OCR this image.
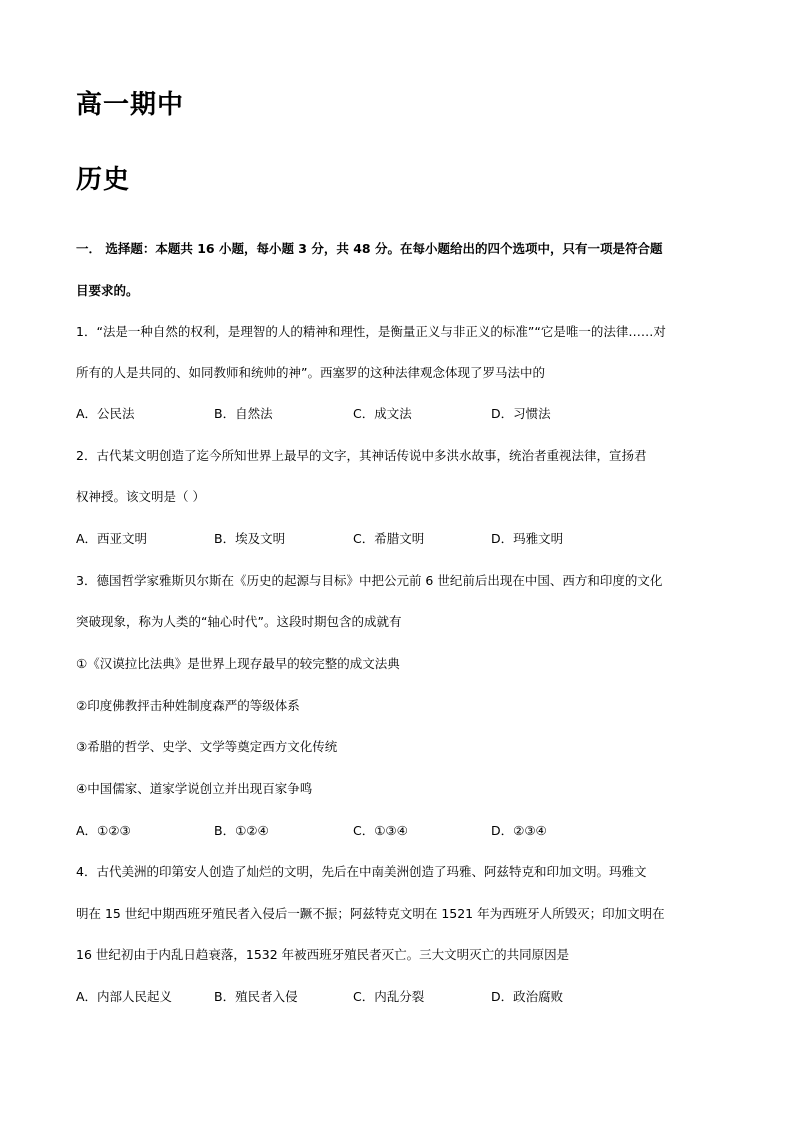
高一期中
历史
一． 选择题：本题共 16 小题，每小题 3 分，共 48 分。在每小题给出的四个选项中，只有一项是符合题
目要求的。
1．“法是一种自然的权利，是理智的人的精神和理性，是衡量正义与非正义的标准”“它是唯一的法律……对
所有的人是共同的、如同教师和统帅的神”。西塞罗的这种法律观念体现了罗马法中的
A．公民法	B．自然法	C．成文法	D．习惯法
2．古代某文明创造了迄今所知世界上最早的文字，其神话传说中多洪水故事，统治者重视法律，宣扬君
权神授。该文明是（ ）
A．西亚文明	B．埃及文明	C．希腊文明	D．玛雅文明
3．德国哲学家雅斯贝尔斯在《历史的起源与目标》中把公元前 6 世纪前后出现在中国、西方和印度的文化
突破现象，称为人类的“轴心时代”。这段时期包含的成就有
①《汉谟拉比法典》是世界上现存最早的较完整的成文法典
②印度佛教抨击种姓制度森严的等级体系
③希腊的哲学、史学、文学等奠定西方文化传统
④中国儒家、道家学说创立并出现百家争鸣
A．①②③	B．①②④	C．①③④	D．②③④
4．古代美洲的印第安人创造了灿烂的文明，先后在中南美洲创造了玛雅、阿兹特克和印加文明。玛雅文
明在 15 世纪中期西班牙殖民者入侵后一蹶不振；阿兹特克文明在 1521 年为西班牙人所毁灭；印加文明在
16 世纪初由于内乱日趋衰落，1532 年被西班牙殖民者灭亡。三大文明灭亡的共同原因是
A．内部人民起义	B．殖民者入侵	C．内乱分裂	D．政治腐败
